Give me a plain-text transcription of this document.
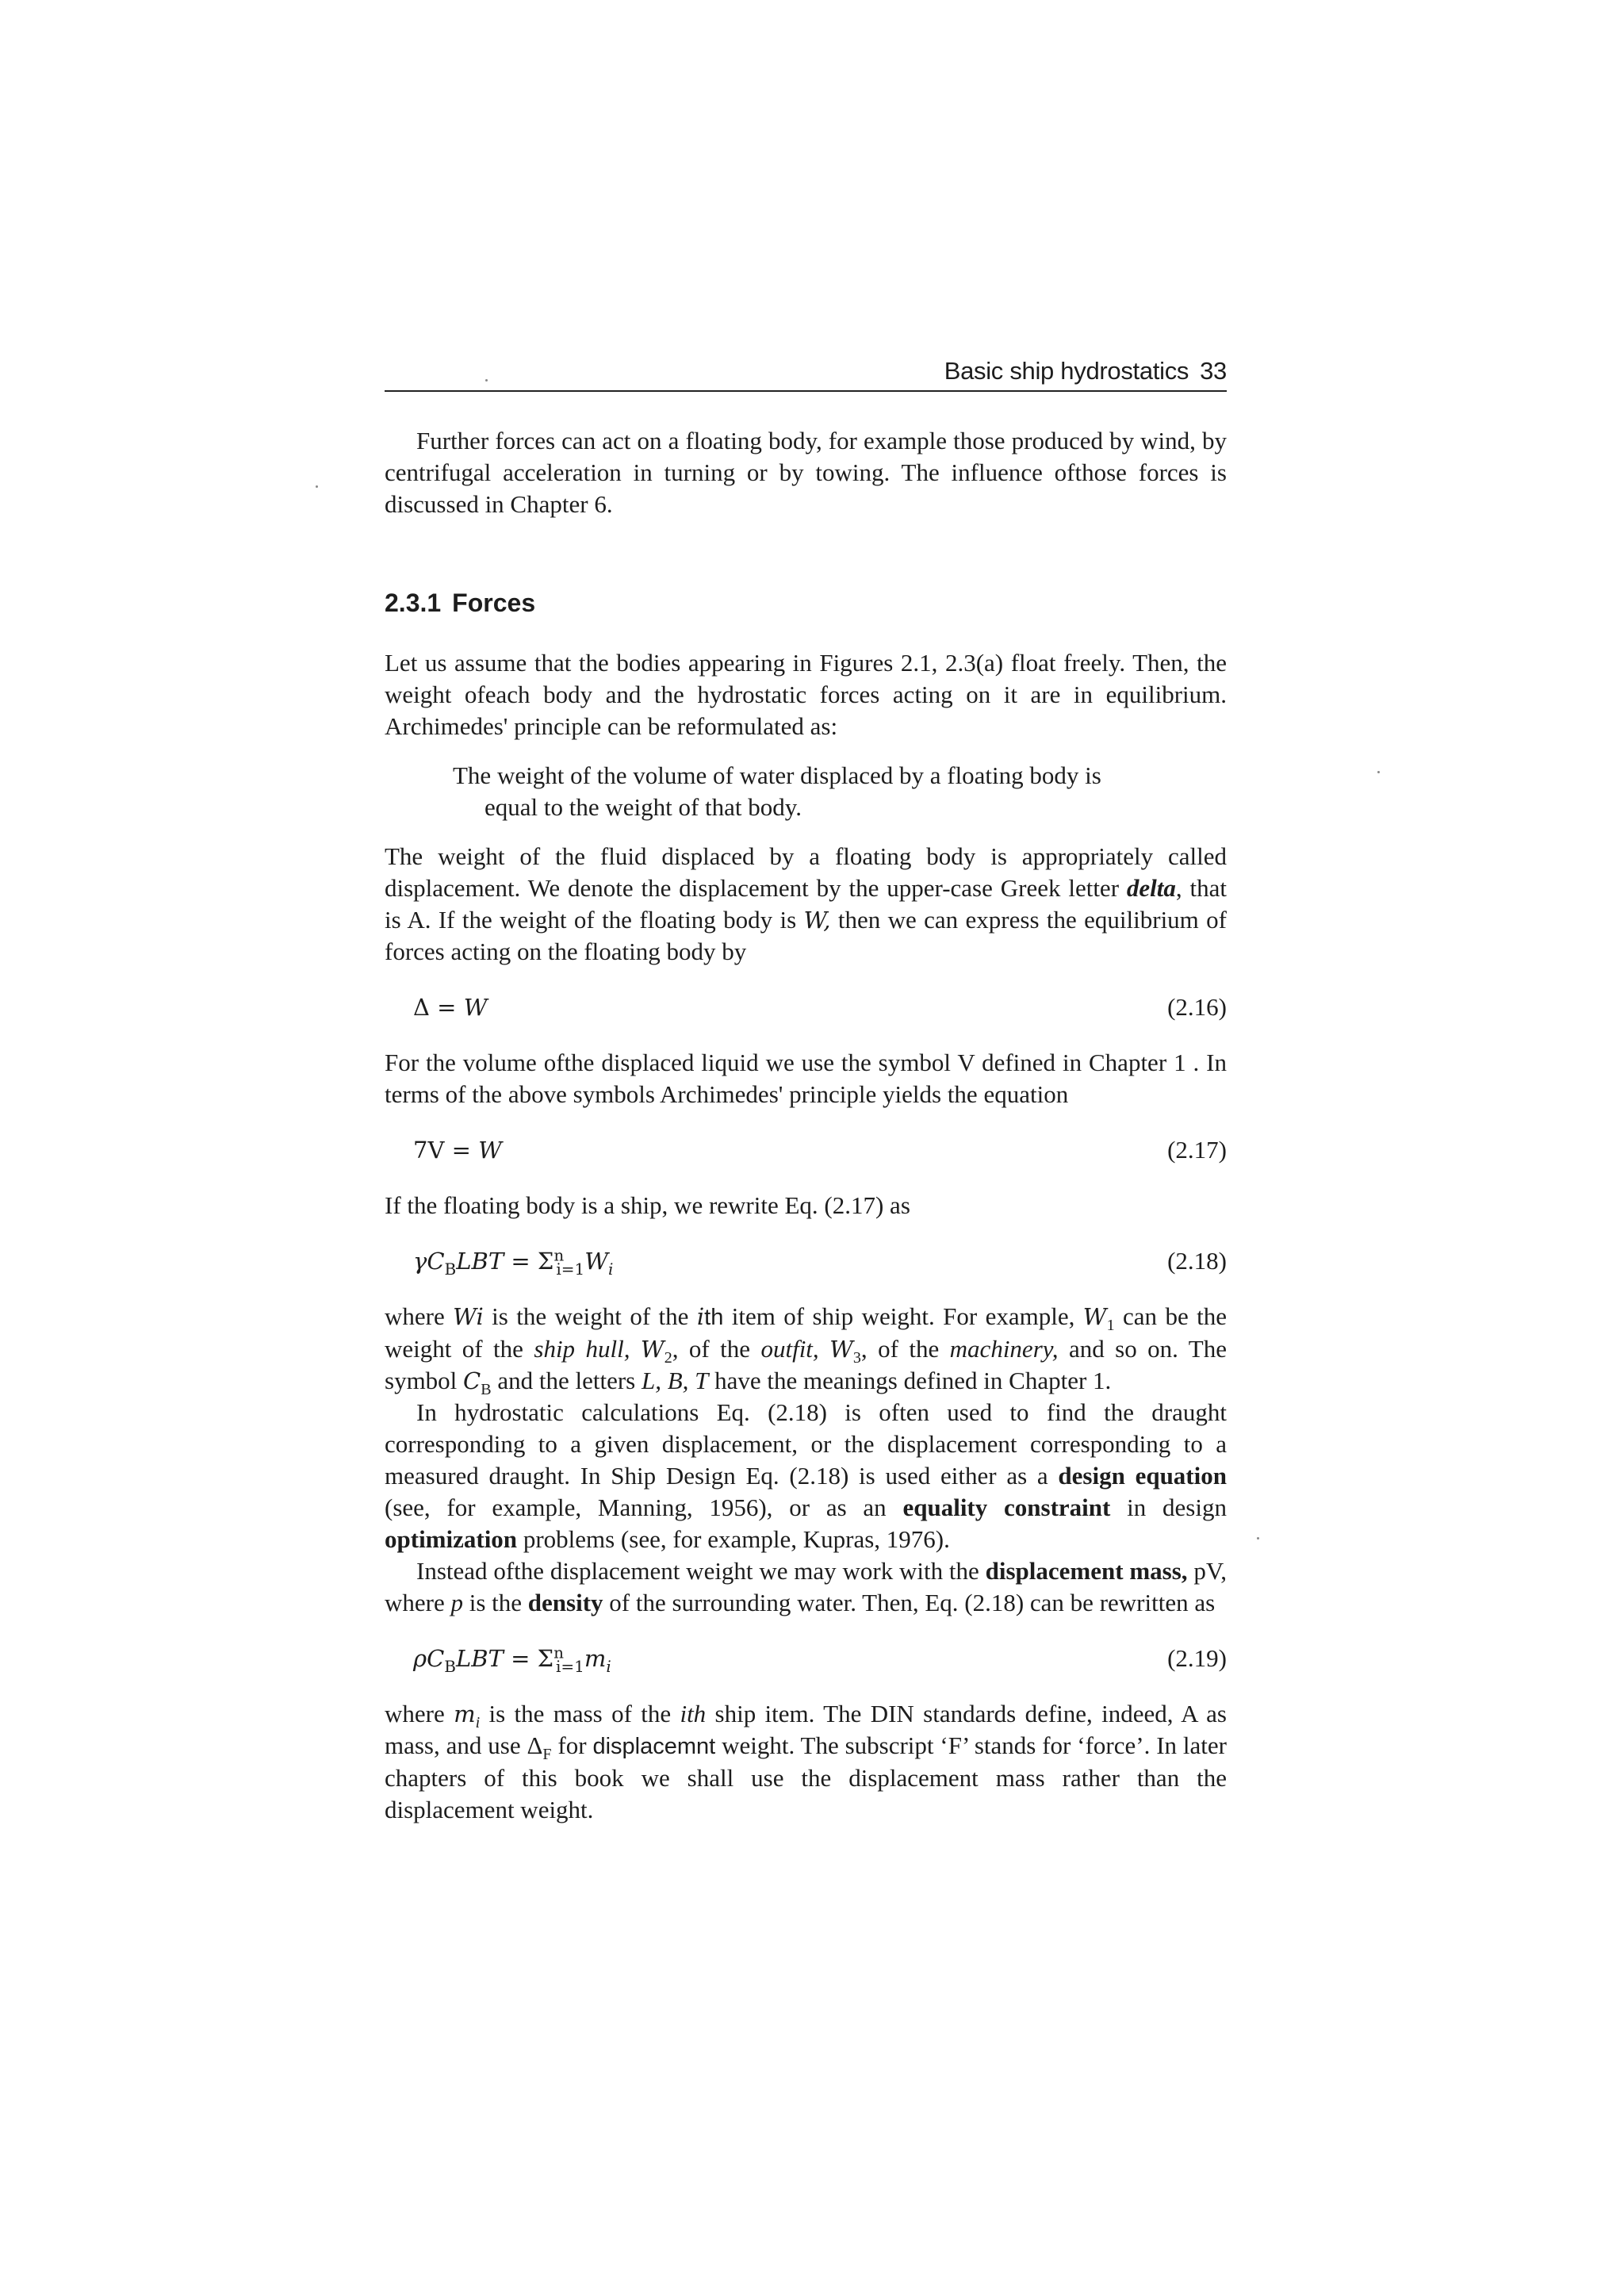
Basic ship hydrostatics 33

Further forces can act on a floating body, for example those produced by wind, by centrifugal acceleration in turning or by towing. The influence ofthose forces is discussed in Chapter 6.

2.3.1 Forces

Let us assume that the bodies appearing in Figures 2.1, 2.3(a) float freely. Then, the weight ofeach body and the hydrostatic forces acting on it are in equilibrium. Archimedes' principle can be reformulated as:

The weight of the volume of water displaced by a floating body is
equal to the weight of that body.

The weight of the fluid displaced by a floating body is appropriately called displacement. We denote the displacement by the upper-case Greek letter delta, that is A. If the weight of the floating body is W, then we can express the equilibrium of forces acting on the floating body by

Δ = W	(2.16)

For the volume ofthe displaced liquid we use the symbol V defined in Chapter 1 . In terms of the above symbols Archimedes' principle yields the equation

7V = W	(2.17)

If the floating body is a ship, we rewrite Eq. (2.17) as

$\gamma C_BLBT = \Sigma^n_{i=1}W_i$	(2.18)

where Wi is the weight of the ith item of ship weight. For example, $W_1$ can be the weight of the ship hull, $W_2$, of the outfit, $W_3$, of the machinery, and so on. The symbol $C_B$ and the letters L, B, T have the meanings defined in Chapter 1.

In hydrostatic calculations Eq. (2.18) is often used to find the draught corresponding to a given displacement, or the displacement corresponding to a measured draught. In Ship Design Eq. (2.18) is used either as a design equation (see, for example, Manning, 1956), or as an equality constraint in design optimization problems (see, for example, Kupras, 1976).

Instead ofthe displacement weight we may work with the displacement mass, pV, where p is the density of the surrounding water. Then, Eq. (2.18) can be rewritten as

$\rho C_BLBT = \Sigma^n_{i=1}m_i$	(2.19)

where $m_i$ is the mass of the ith ship item. The DIN standards define, indeed, A as mass, and use $\Delta_F$ for displacemnt weight. The subscript ‘F’ stands for ‘force’. In later chapters of this book we shall use the displacement mass rather than the displacement weight.
